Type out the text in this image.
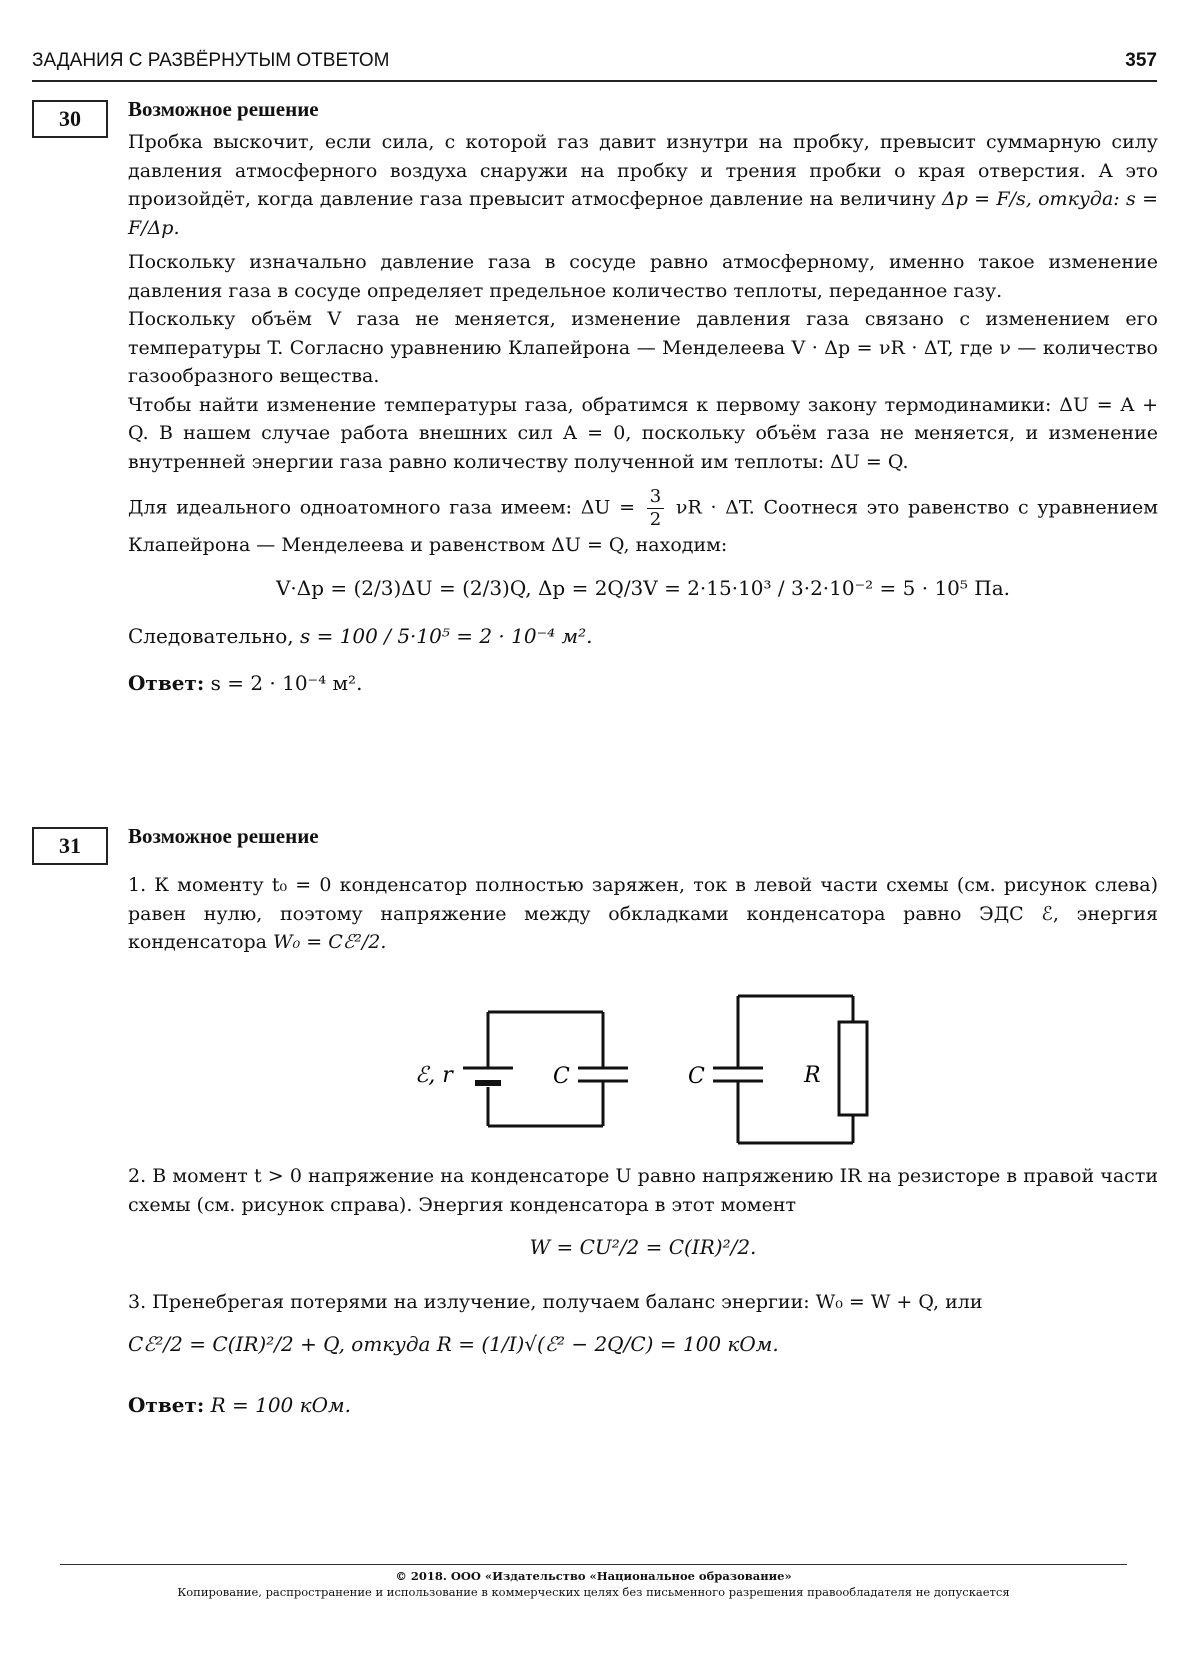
ЗАДАНИЯ С РАЗВЁРНУТЫМ ОТВЕТОМ	357
30	Возможное решение

Пробка выскочит, если сила, с которой газ давит изнутри на пробку, превысит суммарную силу давления атмосферного воздуха снаружи на пробку и трения пробки о края отверстия. А это произойдёт, когда давление газа превысит атмосферное давление на величину Δp = F/s, откуда: s = F/Δp.

Поскольку изначально давление газа в сосуде равно атмосферному, именно такое изменение давления газа в сосуде определяет предельное количество теплоты, переданное газу.

Поскольку объём V газа не меняется, изменение давления газа связано с изменением его температуры T. Согласно уравнению Клапейрона — Менделеева V · Δp = νR · ΔT, где ν — количество газообразного вещества.

Чтобы найти изменение температуры газа, обратимся к первому закону термодинамики: ΔU = A + Q. В нашем случае работа внешних сил A = 0, поскольку объём газа не меняется, и изменение внутренней энергии газа равно количеству полученной им теплоты: ΔU = Q.

Для идеального одноатомного газа имеем: $\Delta U = \frac{3}{2}$ νR · ΔT. Соотнеся это равенство с уравнением Клапейрона — Менделеева и равенством ΔU = Q, находим:

V·Δp = (2/3)ΔU = (2/3)Q, Δp = 2Q/3V = 2·15·10³ / 3·2·10⁻² = 5 · 10⁵ Па.

Следовательно, s = 100 / 5·10⁵ = 2 · 10⁻⁴ м².

Ответ: s = 2 · 10⁻⁴ м².

31	Возможное решение

1. К моменту t₀ = 0 конденсатор полностью заряжен, ток в левой части схемы (см. рисунок слева) равен нулю, поэтому напряжение между обкладками конденсатора равно ЭДС ℰ, энергия конденсатора W₀ = Cℰ²/2.

ℰ, r	C	C	R

2. В момент t > 0 напряжение на конденсаторе U равно напряжению IR на резисторе в правой части схемы (см. рисунок справа). Энергия конденсатора в этот момент

W = CU²/2 = C(IR)²/2.

3. Пренебрегая потерями на излучение, получаем баланс энергии: W₀ = W + Q, или

Cℰ²/2 = C(IR)²/2 + Q, откуда R = (1/I)√(ℰ² − 2Q/C) = 100 кОм.

Ответ: R = 100 кОм.

© 2018. ООО «Издательство «Национальное образование»
Копирование, распространение и использование в коммерческих целях без письменного разрешения правообладателя не допускается
